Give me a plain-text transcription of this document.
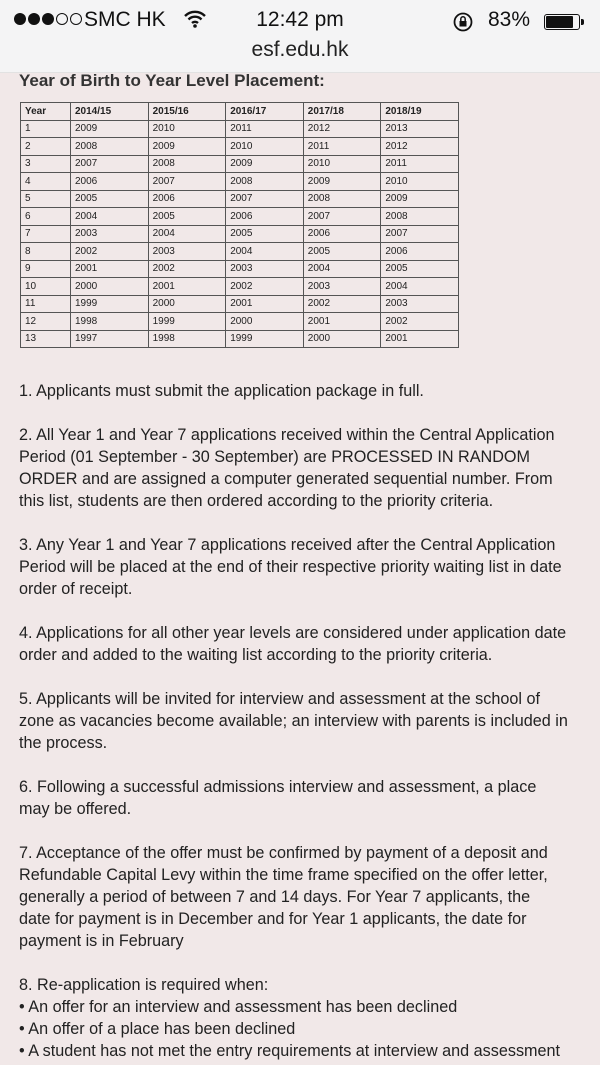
SMC HK	12:42 pm	83%
esf.edu.hk
Year of Birth to Year Level Placement:
Year	2014/15	2015/16	2016/17	2017/18	2018/19
1	2009	2010	2011	2012	2013
2	2008	2009	2010	2011	2012
3	2007	2008	2009	2010	2011
4	2006	2007	2008	2009	2010
5	2005	2006	2007	2008	2009
6	2004	2005	2006	2007	2008
7	2003	2004	2005	2006	2007
8	2002	2003	2004	2005	2006
9	2001	2002	2003	2004	2005
10	2000	2001	2002	2003	2004
11	1999	2000	2001	2002	2003
12	1998	1999	2000	2001	2002
13	1997	1998	1999	2000	2001

1. Applicants must submit the application package in full.

2. All Year 1 and Year 7 applications received within the Central Application
Period (01 September - 30 September) are PROCESSED IN RANDOM
ORDER and are assigned a computer generated sequential number. From
this list, students are then ordered according to the priority criteria.

3. Any Year 1 and Year 7 applications received after the Central Application
Period will be placed at the end of their respective priority waiting list in date
order of receipt.

4. Applications for all other year levels are considered under application date
order and added to the waiting list according to the priority criteria.

5. Applicants will be invited for interview and assessment at the school of
zone as vacancies become available; an interview with parents is included in
the process.

6. Following a successful admissions interview and assessment, a place
may be offered.

7. Acceptance of the offer must be confirmed by payment of a deposit and
Refundable Capital Levy within the time frame specified on the offer letter,
generally a period of between 7 and 14 days. For Year 7 applicants, the
date for payment is in December and for Year 1 applicants, the date for
payment is in February

8. Re-application is required when:

• An offer for an interview and assessment has been declined
• An offer of a place has been declined
• A student has not met the entry requirements at interview and assessment
